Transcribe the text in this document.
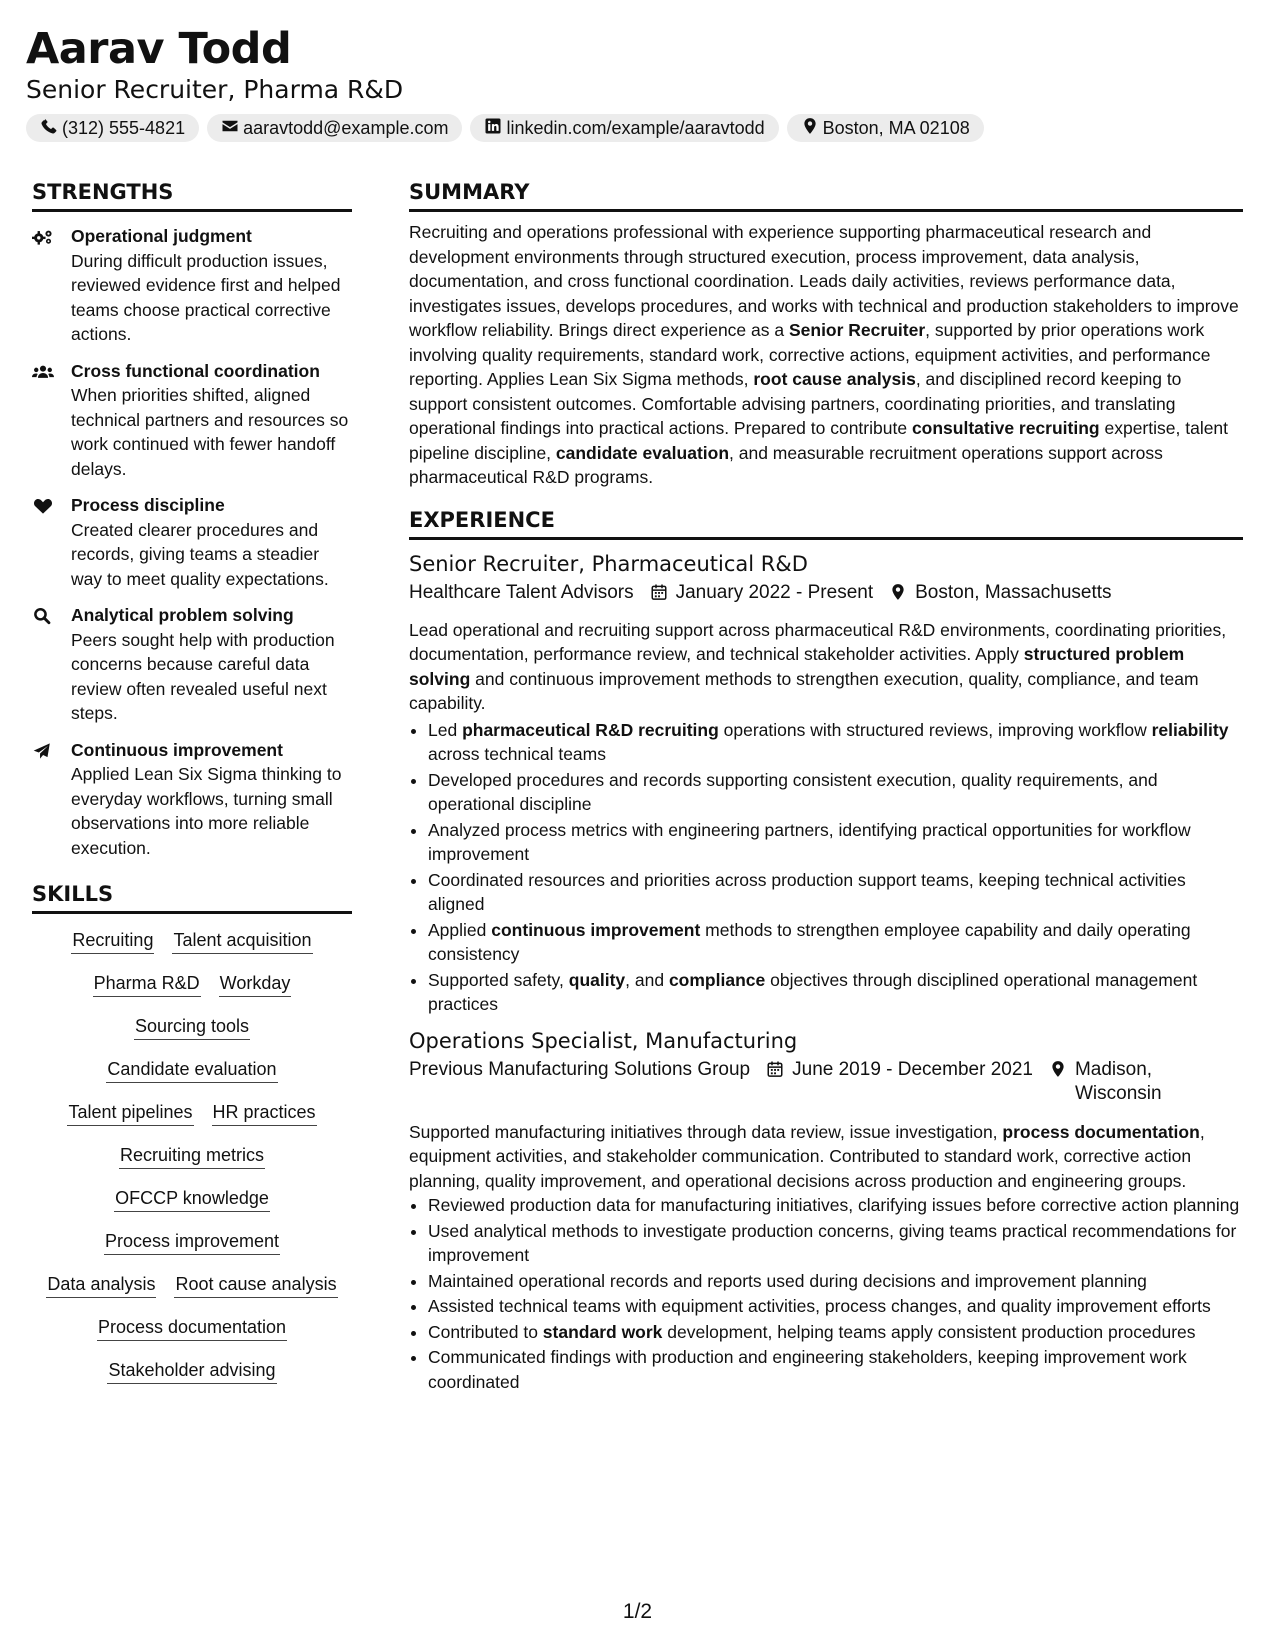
Aarav Todd
Senior Recruiter, Pharma R&D
(312) 555-4821	aaravtodd@example.com	linkedin.com/example/aaravtodd	Boston, MA 02108
STRENGTHS
Operational judgment
During difficult production issues, reviewed evidence first and helped teams choose practical corrective actions.
Cross functional coordination
When priorities shifted, aligned technical partners and resources so work continued with fewer handoff delays.
Process discipline
Created clearer procedures and records, giving teams a steadier way to meet quality expectations.
Analytical problem solving
Peers sought help with production concerns because careful data review often revealed useful next steps.
Continuous improvement
Applied Lean Six Sigma thinking to everyday workflows, turning small observations into more reliable execution.
SKILLS
Recruiting Talent acquisition
Pharma R&D Workday
Sourcing tools
Candidate evaluation
Talent pipelines HR practices
Recruiting metrics
OFCCP knowledge
Process improvement
Data analysis Root cause analysis
Process documentation
Stakeholder advising
SUMMARY
Recruiting and operations professional with experience supporting pharmaceutical research and development environments through structured execution, process improvement, data analysis, documentation, and cross functional coordination. Leads daily activities, reviews performance data, investigates issues, develops procedures, and works with technical and production stakeholders to improve workflow reliability. Brings direct experience as a Senior Recruiter, supported by prior operations work involving quality requirements, standard work, corrective actions, equipment activities, and performance reporting. Applies Lean Six Sigma methods, root cause analysis, and disciplined record keeping to support consistent outcomes. Comfortable advising partners, coordinating priorities, and translating operational findings into practical actions. Prepared to contribute consultative recruiting expertise, talent pipeline discipline, candidate evaluation, and measurable recruitment operations support across pharmaceutical R&D programs.
EXPERIENCE
Senior Recruiter, Pharmaceutical R&D
Healthcare Talent Advisors January 2022 - Present Boston, Massachusetts
Lead operational and recruiting support across pharmaceutical R&D environments, coordinating priorities, documentation, performance review, and technical stakeholder activities. Apply structured problem solving and continuous improvement methods to strengthen execution, quality, compliance, and team capability.
• Led pharmaceutical R&D recruiting operations with structured reviews, improving workflow reliability across technical teams
• Developed procedures and records supporting consistent execution, quality requirements, and operational discipline
• Analyzed process metrics with engineering partners, identifying practical opportunities for workflow improvement
• Coordinated resources and priorities across production support teams, keeping technical activities aligned
• Applied continuous improvement methods to strengthen employee capability and daily operating consistency
• Supported safety, quality, and compliance objectives through disciplined operational management practices
Operations Specialist, Manufacturing
Previous Manufacturing Solutions Group June 2019 - December 2021 Madison, Wisconsin
Supported manufacturing initiatives through data review, issue investigation, process documentation, equipment activities, and stakeholder communication. Contributed to standard work, corrective action planning, quality improvement, and operational decisions across production and engineering groups.
• Reviewed production data for manufacturing initiatives, clarifying issues before corrective action planning
• Used analytical methods to investigate production concerns, giving teams practical recommendations for improvement
• Maintained operational records and reports used during decisions and improvement planning
• Assisted technical teams with equipment activities, process changes, and quality improvement efforts
• Contributed to standard work development, helping teams apply consistent production procedures
• Communicated findings with production and engineering stakeholders, keeping improvement work coordinated
1/2
